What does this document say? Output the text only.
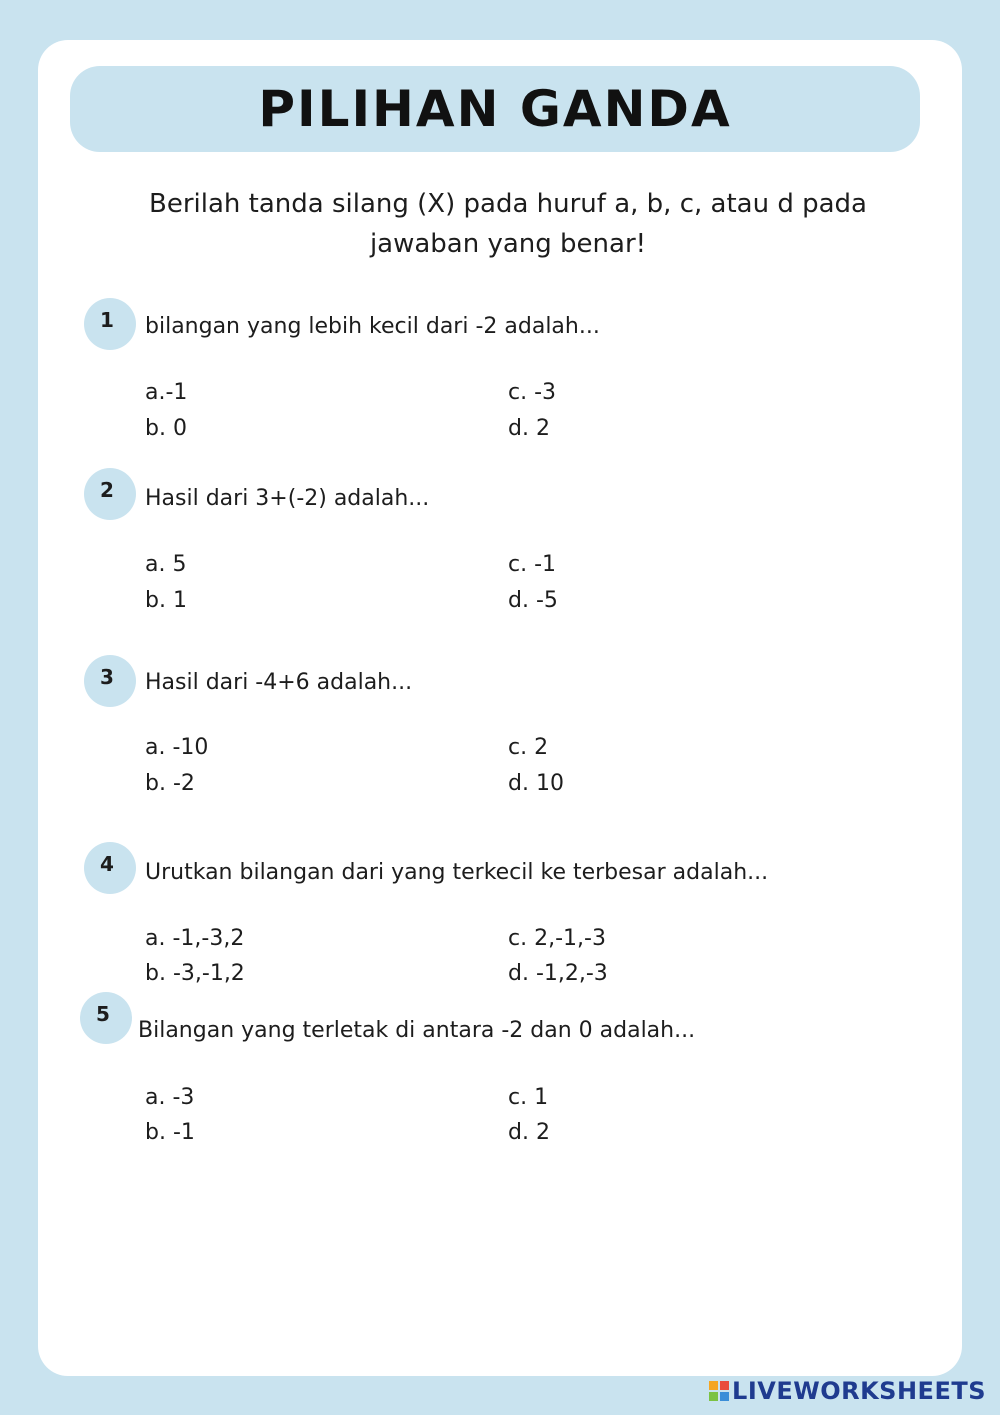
PILIHAN GANDA
Berilah tanda silang (X) pada huruf a, b, c, atau d pada
jawaban yang benar!
1 bilangan yang lebih kecil dari -2 adalah...
a.-1	c. -3
b. 0	d. 2
2 Hasil dari 3+(-2) adalah...
a. 5	c. -1
b. 1	d. -5
3 Hasil dari -4+6 adalah...
a. -10	c. 2
b. -2	d. 10
4 Urutkan bilangan dari yang terkecil ke terbesar adalah...
a. -1,-3,2	c. 2,-1,-3
b. -3,-1,2	d. -1,2,-3
5
Bilangan yang terletak di antara -2 dan 0 adalah...
a. -3	c. 1
b. -1	d. 2
LIVEWORKSHEETS
